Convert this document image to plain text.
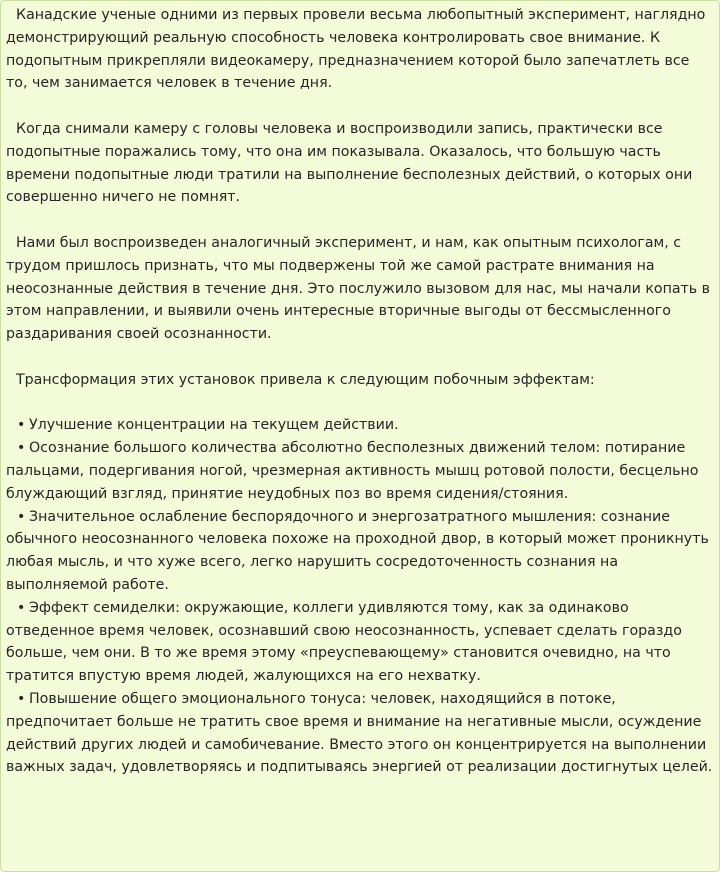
Канадские ученые одними из первых провели весьма любопытный эксперимент, наглядно демонстрирующий реальную способность человека контролировать свое внимание. К подопытным прикрепляли видеокамеру, предназначением которой было запечатлеть все то, чем занимается человек в течение дня.

Когда снимали камеру с головы человека и воспроизводили запись, практически все подопытные поражались тому, что она им показывала. Оказалось, что большую часть времени подопытные люди тратили на выполнение бесполезных действий, о которых они совершенно ничего не помнят.

Нами был воспроизведен аналогичный эксперимент, и нам, как опытным психологам, с трудом пришлось признать, что мы подвержены той же самой растрате внимания на неосознанные действия в течение дня. Это послужило вызовом для нас, мы начали копать в этом направлении, и выявили очень интересные вторичные выгоды от бессмысленного раздаривания своей осознанности.

Трансформация этих установок привела к следующим побочным эффектам:

• Улучшение концентрации на текущем действии.

• Осознание большого количества абсолютно бесполезных движений телом: потирание пальцами, подергивания ногой, чрезмерная активность мышц ротовой полости, бесцельно блуждающий взгляд, принятие неудобных поз во время сидения/стояния.

• Значительное ослабление беспорядочного и энергозатратного мышления: сознание обычного неосознанного человека похоже на проходной двор, в который может проникнуть любая мысль, и что хуже всего, легко нарушить сосредоточенность сознания на выполняемой работе.

• Эффект семиделки: окружающие, коллеги удивляются тому, как за одинаково отведенное время человек, осознавший свою неосознанность, успевает сделать гораздо больше, чем они. В то же время этому «преуспевающему» становится очевидно, на что тратится впустую время людей, жалующихся на его нехватку.

• Повышение общего эмоционального тонуса: человек, находящийся в потоке, предпочитает больше не тратить свое время и внимание на негативные мысли, осуждение действий других людей и самобичевание. Вместо этого он концентрируется на выполнении важных задач, удовлетворяясь и подпитываясь энергией от реализации достигнутых целей.
